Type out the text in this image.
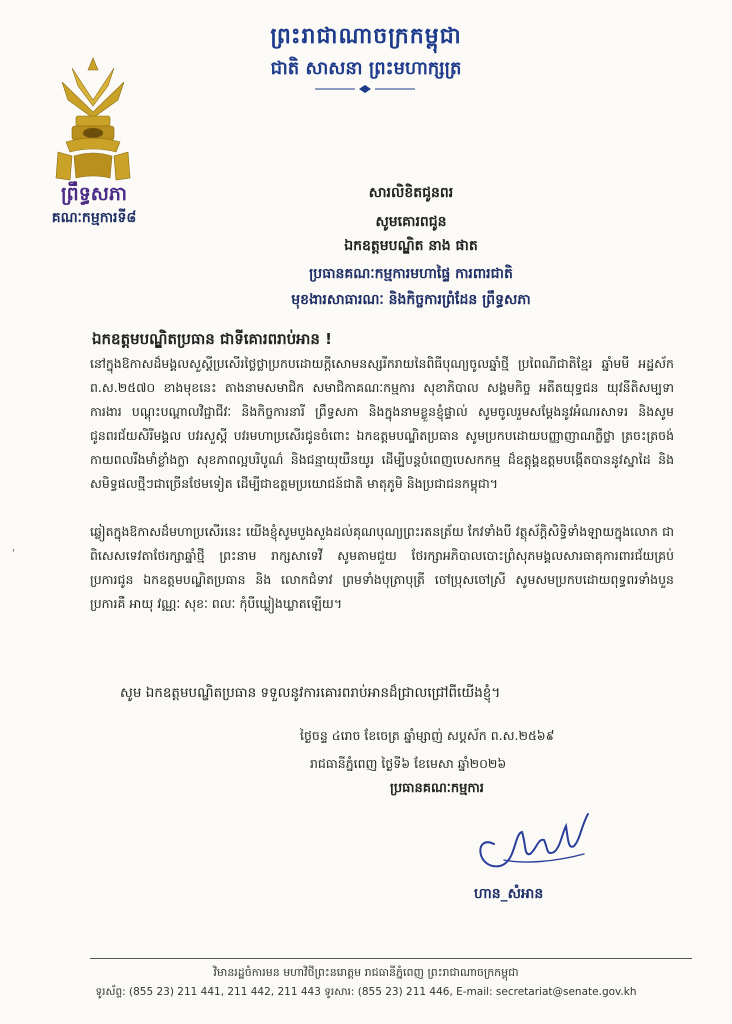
ព្រះរាជាណាចក្រកម្ពុជា
ជាតិ សាសនា ព្រះមហាក្សត្រ
ព្រឹទ្ធសភា
គណៈកម្មការទី៨
សារលិខិតជូនពរ
សូមគោរពជូន
ឯកឧត្តមបណ្ឌិត នាង ផាត
ប្រធានគណៈកម្មការមហាផ្ទៃ ការពារជាតិ
មុខងារសាធារណៈ និងកិច្ចការព្រំដែន ព្រឹទ្ធសភា
ឯកឧត្តមបណ្ឌិតប្រធាន ជាទីគោរពរាប់អាន !
នៅក្នុងឱកាសដ៏មង្គលសួស្តីប្រសើរថ្លៃថ្លាប្រកបដោយក្តីសោមនស្សរីករាយនៃពិធីបុណ្យចូលឆ្នាំថ្មី ប្រពៃណីជាតិខ្មែរ ឆ្នាំមមី អដ្ឋស័ក ព.ស.២៥៧០ ខាងមុខនេះ តាងនាមសមាជិក សមាជិកាគណៈកម្មការ សុខាភិបាល សង្គមកិច្ច អតីតយុទ្ធជន យុវនីតិសម្បទា ការងារ បណ្តុះបណ្តាលវិជ្ជាជីវៈ និងកិច្ចការនារី ព្រឹទ្ធសភា និងក្នុងនាមខ្លួនខ្ញុំផ្ទាល់ សូមចូលរួមសម្តែងនូវអំណរសាទរ និងសូមជូនពរជ័យសិរីមង្គល បវរសួស្តី បវរមហាប្រសើរជូនចំពោះ ឯកឧត្តមបណ្ឌិតប្រធាន សូមប្រកបដោយបញ្ញាញាណភ្លឺថ្លា ត្រចះត្រចង់ កាយពលរឹងមាំខ្លាំងក្លា សុខភាពល្អបរិបូណ៌ និងជន្មាយុយឺនយូរ ដើម្បីបន្តបំពេញបេសកកម្ម ដ៏ឧត្តុង្គឧត្តមបង្កើតបាននូវស្នាដៃ និងសមិទ្ធផលថ្មីៗជាច្រើនថែមទៀត ដើម្បីជាឧត្តមប្រយោជន៍ជាតិ មាតុភូមិ និងប្រជាជនកម្ពុជា។
ឆ្លៀតក្នុងឱកាសដ៏មហាប្រសើរនេះ យើងខ្ញុំសូមបួងសួងដល់គុណបុណ្យព្រះរតនត្រ័យ កែវទាំងបី វត្ថុស័ក្តិសិទ្ធិទាំងឡាយក្នុងលោក ជាពិសេសទេវតាថែរក្សាឆ្នាំថ្មី ព្រះនាម រាក្សសាទេវី សូមតាមជួយ ថែរក្សាអភិបាលបោះព្រំសុភមង្គលសារធាតុការពារជ័យគ្រប់ប្រការជូន ឯកឧត្តមបណ្ឌិតប្រធាន និង លោកជំទាវ ព្រមទាំងបុត្រាបុត្រី ចៅប្រុសចៅស្រី សូមសមប្រកបដោយពុទ្ធពរទាំងបួនប្រការគឺ អាយុ វណ្ណៈ សុខៈ ពលៈ កុំបីឃ្លៀងឃ្លាតឡើយ។
សូម ឯកឧត្តមបណ្ឌិតប្រធាន ទទួលនូវការគោរពរាប់អានដ៏ជ្រាលជ្រៅពីយើងខ្ញុំ។
ថ្ងៃចន្ទ ៤រោច ខែចេត្រ ឆ្នាំម្សាញ់ សប្តស័ក ព.ស.២៥៦៩
រាជធានីភ្នំពេញ ថ្ងៃទី៦ ខែមេសា ឆ្នាំ២០២៦
ប្រធានគណៈកម្មការ
ហាន_សំអាន
'
វិមានរដ្ឋចំការមន មហាវិថីព្រះនរោត្តម រាជធានីភ្នំពេញ ព្រះរាជាណាចក្រកម្ពុជា
ទូរស័ព្ទ: (855 23) 211 441, 211 442, 211 443 ទូរសារ: (855 23) 211 446, E-mail: secretariat@senate.gov.kh
